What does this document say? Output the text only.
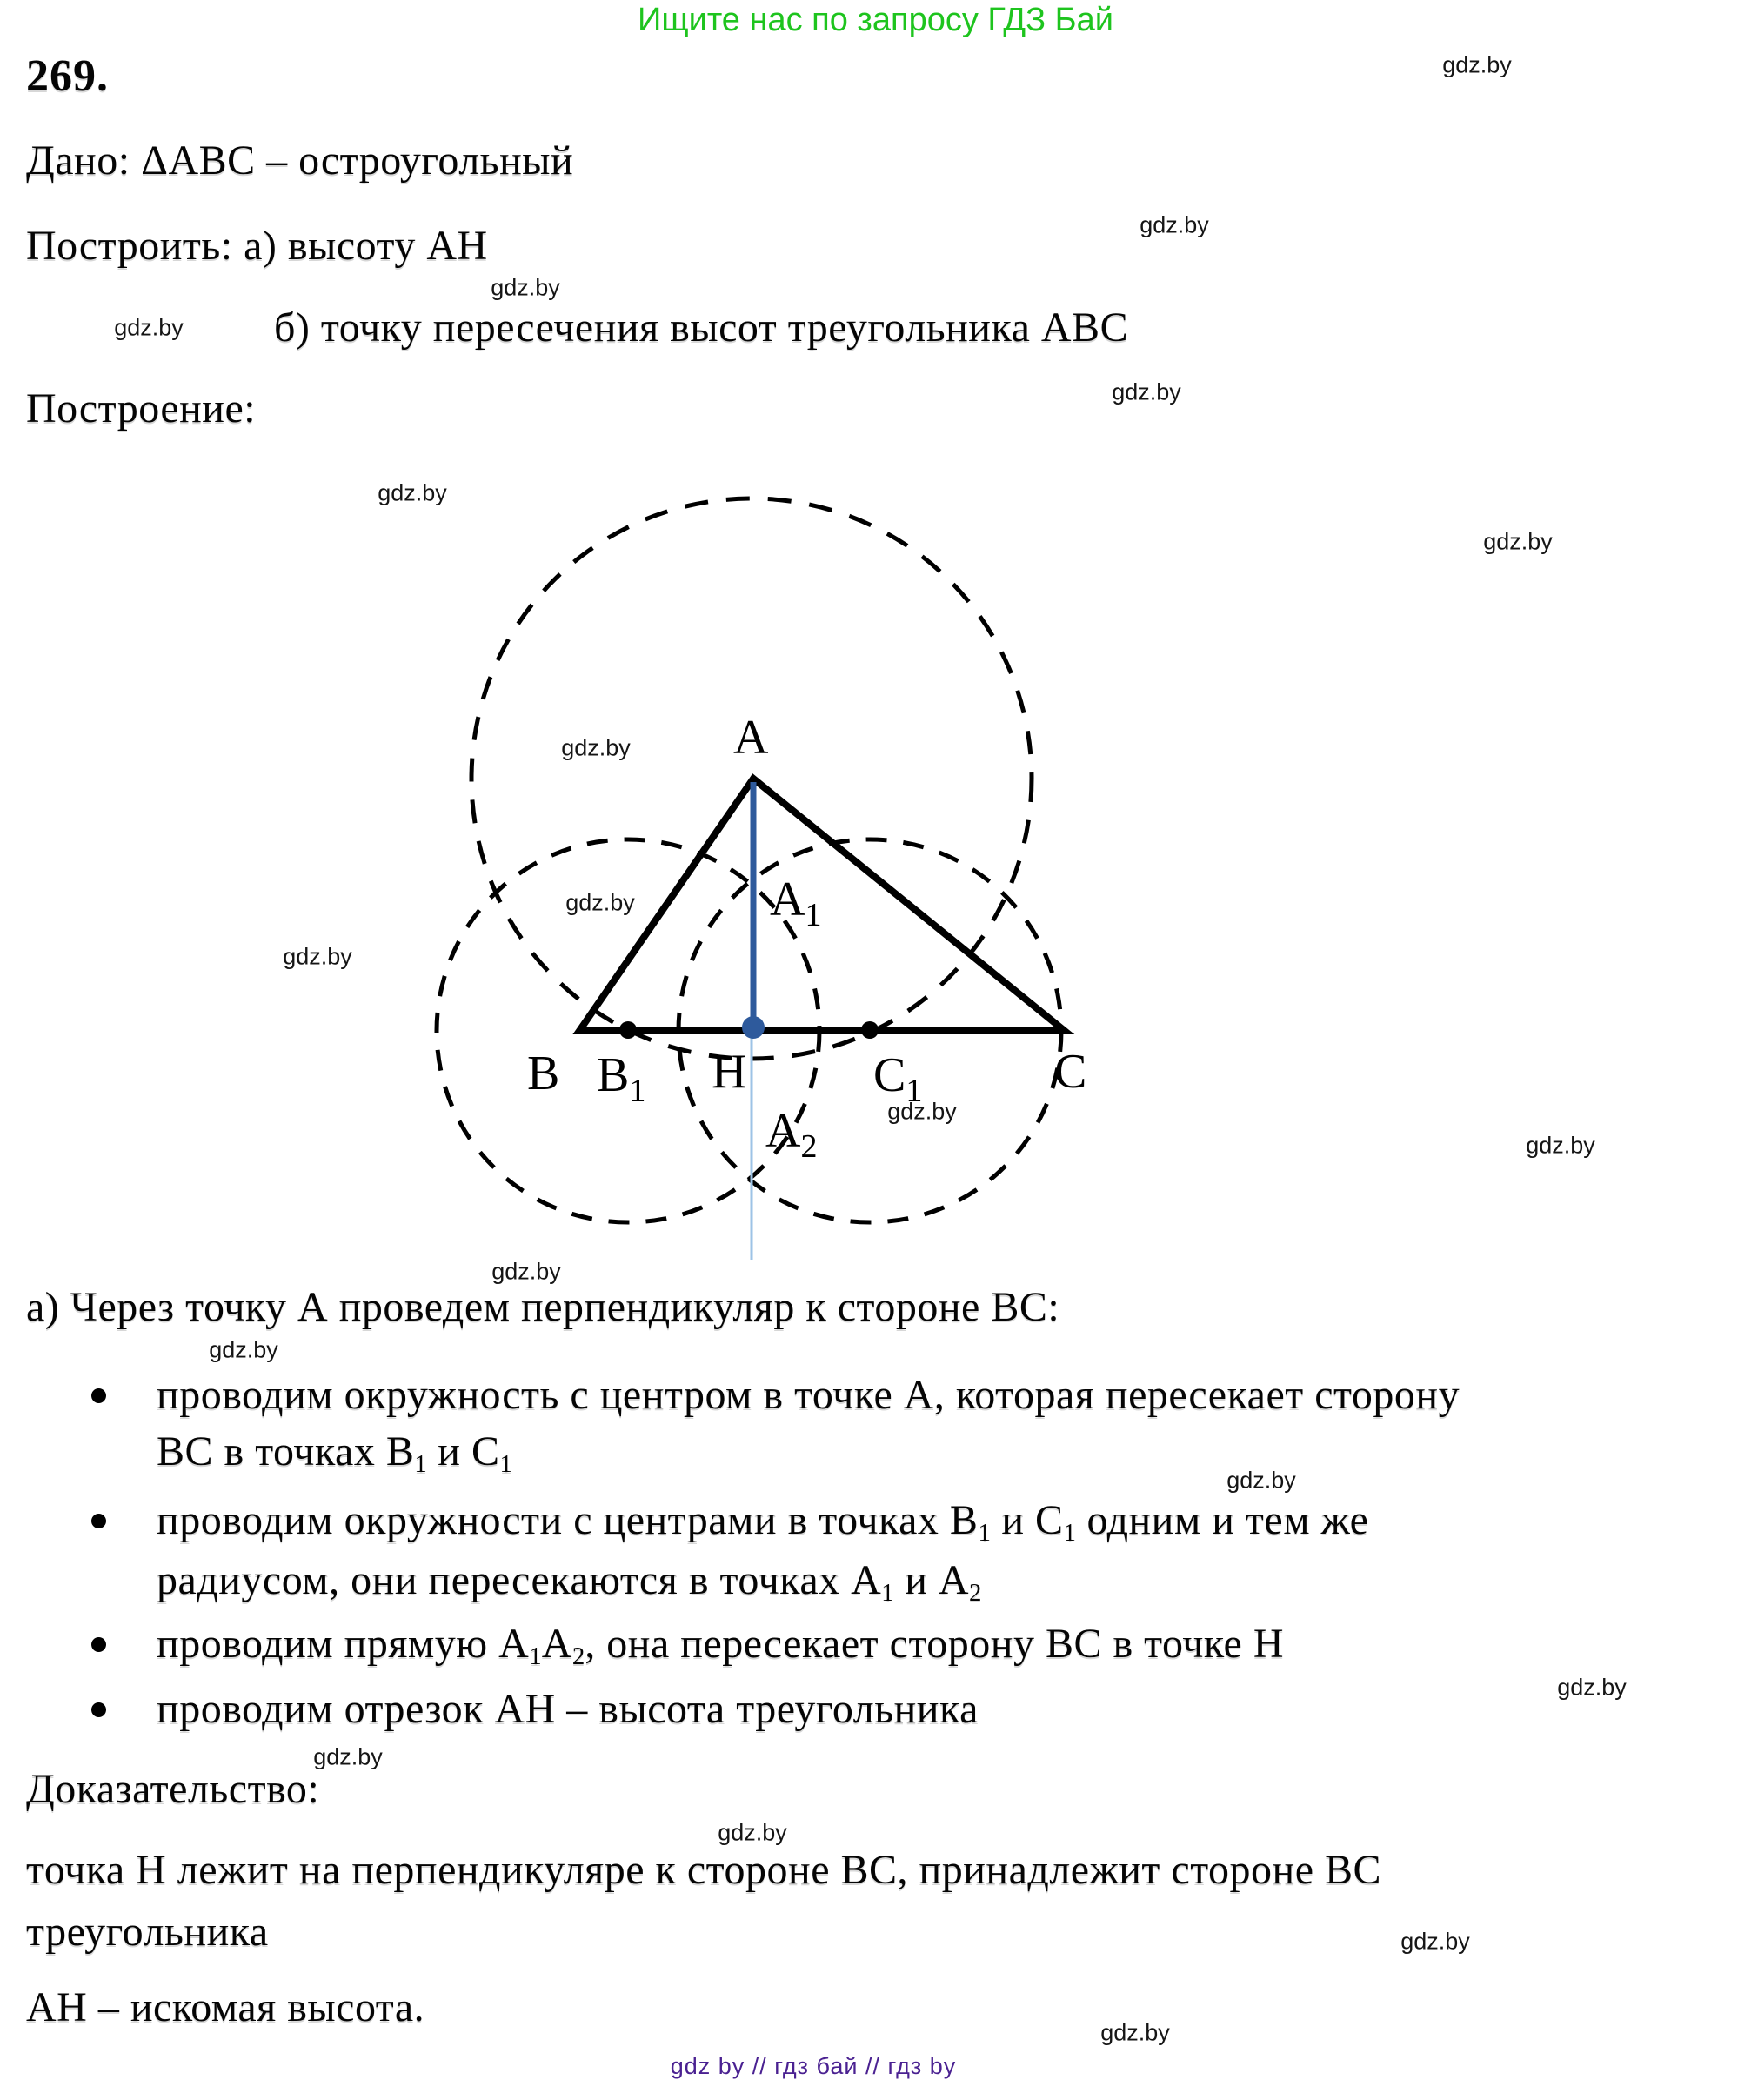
Ищите нас по запросу ГДЗ Бай
А
$А_1$
$А_2$
В $В_1$ Н	$С_1$	С
gdz.by
gdz.by
gdz.by
gdz.by
gdz.by
gdz.by
gdz.by
gdz.by
gdz.by
gdz.by
gdz.by
gdz.by
gdz.by
gdz.by
gdz.by
gdz.by
gdz.by
gdz.by
gdz.by
gdz.by
269.
Дано: ΔАВС – остроугольный
Построить: а) высоту АН
б) точку пересечения высот треугольника АВС
Построение:
а) Через точку А проведем перпендикуляр к стороне ВС:
проводим окружность с центром в точке А, которая пересекает сторону
ВС в точках В1 и С1
проводим окружности с центрами в точках В1 и С1 одним и тем же
радиусом, они пересекаются в точках А1 и А2
проводим прямую А1А2, она пересекает сторону ВС в точке Н
проводим отрезок АН – высота треугольника
Доказательство:
точка Н лежит на перпендикуляре к стороне ВС, принадлежит стороне ВС
треугольника
АН – искомая высота.
gdz by // гдз бай // гдз by
